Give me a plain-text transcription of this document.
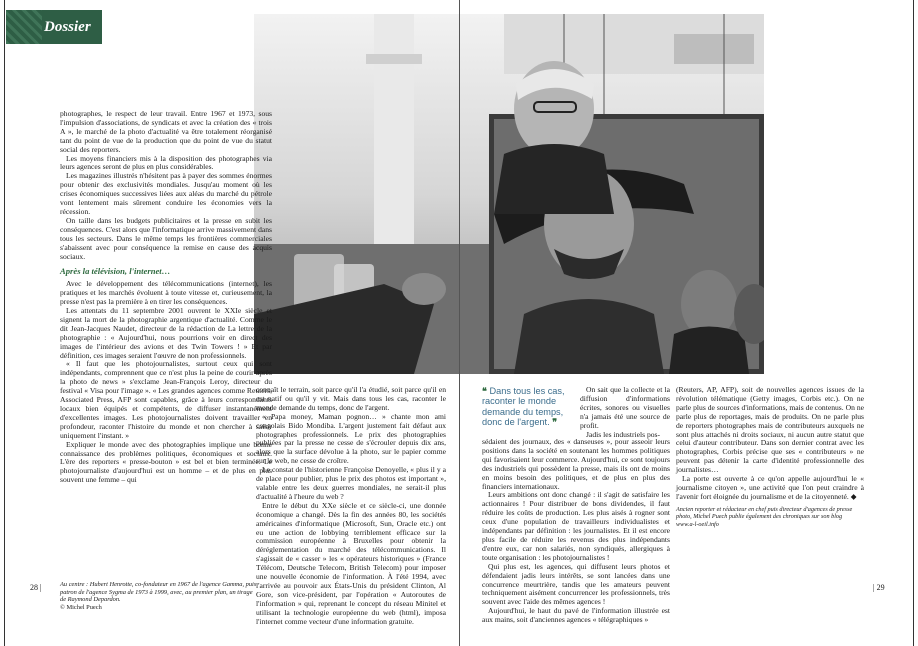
Dossier

photographes, le respect de leur travail. Entre 1967 et 1973, sous l'impulsion d'associations, de syndicats et avec la création des « trois A », le marché de la photo d'actualité va être totalement réorganisé tant du point de vue de la production que du point de vue du statut social des reporters.

Les moyens financiers mis à la disposition des photographes via leurs agences seront de plus en plus considérables.

Les magazines illustrés n'hésitent pas à payer des sommes énormes pour obtenir des exclusivités mondiales. Jusqu'au moment où les crises économiques successives liées aux aléas du marché du pétrole vont lentement mais sûrement conduire les économies vers la récession.

On taille dans les budgets publicitaires et la presse en subit les conséquences. C'est alors que l'informatique arrive massivement dans tous les secteurs. Dans le même temps les frontières commerciales s'abaissent avec pour conséquence la remise en cause des acquis sociaux.

Après la télévision, l'internet…

Avec le développement des télécommunications (internet), les pratiques et les marchés évoluent à toute vitesse et, curieusement, la presse n'est pas la première à en tirer les conséquences.

Les attentats du 11 septembre 2001 ouvrent le XXIe siècle et signent la mort de la photographie argentique d'actualité. Comme le dit Jean-Jacques Naudet, directeur de la rédaction de La lettre de la photographie : « Aujourd'hui, nous pourrions voir en direct des images de l'intérieur des avions et des Twin Towers ! » Et par définition, ces images seraient l'œuvre de non professionnels.

« Il faut que les photojournalistes, surtout ceux qui sont indépendants, comprennent que ce n'est plus la peine de courir après la photo de news » s'exclame Jean-François Leroy, directeur du festival « Visa pour l'image ». « Les grandes agences comme Reuters, Associated Press, AFP sont capables, grâce à leurs correspondants locaux bien équipés et compétents, de diffuser instantanément d'excellentes images. Les photojournalistes doivent travailler en profondeur, raconter l'histoire du monde et non chercher à saisir uniquement l'instant. »

Expliquer le monde avec des photographies implique une bonne connaissance des problèmes politiques, économiques et sociaux. L'ère des reporters « presse-bouton » est bel et bien terminée. Le photojournaliste d'aujourd'hui est un homme – et de plus en plus souvent une femme – qui

connaît le terrain, soit parce qu'il l'a étudié, soit parce qu'il en est natif ou qu'il y vit. Mais dans tous les cas, raconter le monde demande du temps, donc de l'argent.

« Papa money, Maman pognon… » chante mon ami congolais Bido Mondiba. L'argent justement fait défaut aux photographes professionnels. Le prix des photographies publiées par la presse ne cesse de s'écrouler depuis dix ans, alors que la surface dévolue à la photo, sur le papier comme sur le web, ne cesse de croître.

Le constat de l'historienne Françoise Denoyelle, « plus il y a de place pour publier, plus le prix des photos est important », valable entre les deux guerres mondiales, ne serait-il plus d'actualité à l'heure du web ?

Entre le début du XXe siècle et ce siècle-ci, une donnée économique a changé. Dès la fin des années 80, les sociétés américaines d'informatique (Microsoft, Sun, Oracle etc.) ont eu une action de lobbying terriblement efficace sur la commission européenne à Bruxelles pour obtenir la déréglementation du marché des télécommunications. Il s'agissait de « casser » les « opérateurs historiques » (France Télécom, Deutsche Telecom, British Telecom) pour imposer une nouvelle économie de l'information. À l'été 1994, avec l'arrivée au pouvoir aux États-Unis du président Clinton, Al Gore, son vice-président, par l'opération « Autoroutes de l'information » qui, reprenant le concept du réseau Minitel et utilisant la technologie européenne du web (html), imposa l'internet comme vecteur d'une information gratuite.

Au centre : Hubert Henrotte, co-fondateur en 1967 de l'agence Gamma, puis patron de l'agence Sygma de 1973 à 1999, avec, au premier plan, un tirage de Raymond Depardon.
© Michel Puech
28 |
❝ Dans tous les cas, raconter le monde demande du temps, donc de l'argent. ❞

On sait que la collecte et la diffusion d'informations écrites, sonores ou visuelles n'a jamais été une source de profit.

Jadis les industriels pos-

sédaient des journaux, des « danseuses », pour asseoir leurs positions dans la société en soutenant les hommes politiques qui favorisaient leur commerce. Aujourd'hui, ce sont toujours des industriels qui possèdent la presse, mais ils ont de moins en moins besoin des politiques, et de plus en plus des financiers internationaux.

Leurs ambitions ont donc changé : il s'agit de satisfaire les actionnaires ! Pour distribuer de bons dividendes, il faut réduire les coûts de production. Les plus aisés à rogner sont ceux d'une population de travailleurs individualistes et indépendants par définition : les journalistes. Et il est encore plus facile de réduire les revenus des plus indépendants d'entre eux, car non salariés, non syndiqués, allergiques à toute organisation : les photojournalistes !

Qui plus est, les agences, qui diffusent leurs photos et défendaient jadis leurs intérêts, se sont lancées dans une concurrence meurtrière, tandis que les amateurs peuvent techniquement aisément concurrencer les professionnels, très souvent avec l'aide des mêmes agences !

Aujourd'hui, le haut du pavé de l'information illustrée est aux mains, soit d'anciennes agences « télégraphiques »

(Reuters, AP, AFP), soit de nouvelles agences issues de la révolution télématique (Getty images, Corbis etc.). On ne parle plus de sources d'informations, mais de contenus. On ne parle plus de reportages, mais de produits. On ne parle plus de reporters photographes mais de contributeurs auxquels ne sont plus attachés ni droits sociaux, ni aucun autre statut que celui d'auteur contributeur. Dans son dernier contrat avec les photographes, Corbis précise que ses « contributeurs » ne peuvent pas détenir la carte d'identité professionnelle des journalistes…

La porte est ouverte à ce qu'on appelle aujourd'hui le « journalisme citoyen », une activité que l'on peut craindre à l'avenir fort éloignée du journalisme et de la citoyenneté. ◆

Ancien reporter et rédacteur en chef puis directeur d'agences de presse photo, Michel Puech publie également des chroniques sur son blog www.a-l-oeil.info
| 29
